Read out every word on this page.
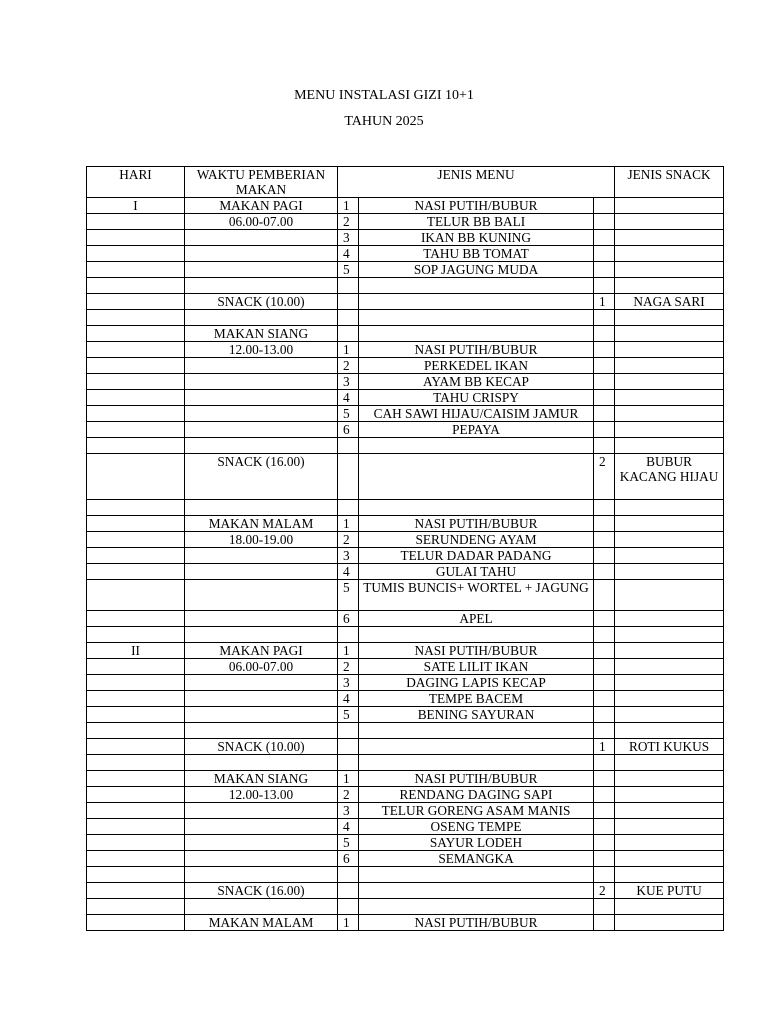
MENU INSTALASI GIZI 10+1
TAHUN 2025
HARI	WAKTU PEMBERIAN MAKAN	JENIS MENU			JENIS SNACK
I	MAKAN PAGI	1	NASI PUTIH/BUBUR		
	06.00-07.00	2	TELUR BB BALI		
		3	IKAN BB KUNING		
		4	TAHU BB TOMAT		
		5	SOP JAGUNG MUDA		

	SNACK (10.00)			1	NAGA SARI

	MAKAN SIANG				
	12.00-13.00	1	NASI PUTIH/BUBUR		
		2	PERKEDEL IKAN		
		3	AYAM BB KECAP		
		4	TAHU CRISPY		
		5	CAH SAWI HIJAU/CAISIM JAMUR		
		6	PEPAYA		

	SNACK (16.00)			2	BUBUR KACANG HIJAU

	MAKAN MALAM	1	NASI PUTIH/BUBUR		
	18.00-19.00	2	SERUNDENG AYAM		
		3	TELUR DADAR PADANG		
		4	GULAI TAHU		
		5	TUMIS BUNCIS+ WORTEL + JAGUNG		
		6	APEL		

II	MAKAN PAGI	1	NASI PUTIH/BUBUR		
	06.00-07.00	2	SATE LILIT IKAN		
		3	DAGING LAPIS KECAP		
		4	TEMPE BACEM		
		5	BENING SAYURAN		

	SNACK (10.00)			1	ROTI KUKUS

	MAKAN SIANG	1	NASI PUTIH/BUBUR		
	12.00-13.00	2	RENDANG DAGING SAPI		
		3	TELUR GORENG ASAM MANIS		
		4	OSENG TEMPE		
		5	SAYUR LODEH		
		6	SEMANGKA		

	SNACK (16.00)			2	KUE PUTU

	MAKAN MALAM	1	NASI PUTIH/BUBUR		
